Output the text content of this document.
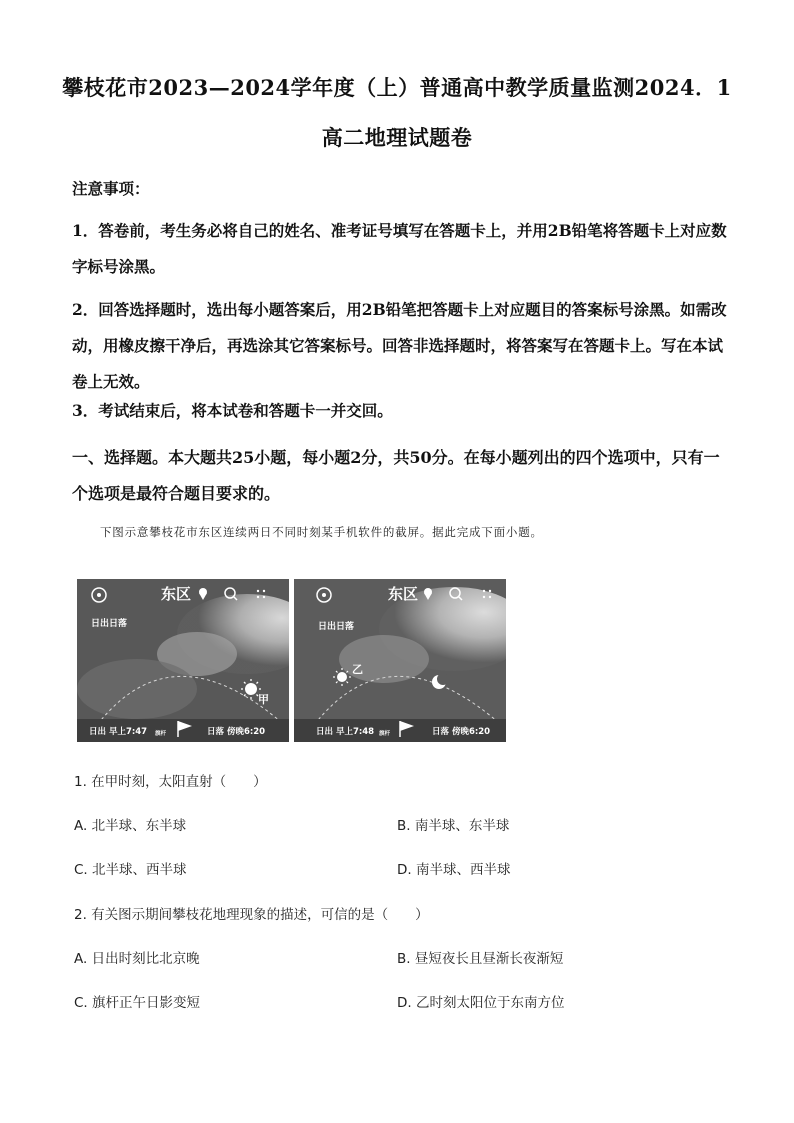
攀枝花市2023—2024学年度（上）普通高中教学质量监测2024．1
高二地理试题卷
注意事项：
1．答卷前，考生务必将自己的姓名、准考证号填写在答题卡上，并用2B铅笔将答题卡上对应数字标号涂黑。
2．回答选择题时，选出每小题答案后，用2B铅笔把答题卡上对应题目的答案标号涂黑。如需改动，用橡皮擦干净后，再选涂其它答案标号。回答非选择题时，将答案写在答题卡上。写在本试卷上无效。
3．考试结束后，将本试卷和答题卡一并交回。
一、选择题。本大题共25小题，每小题2分，共50分。在每小题列出的四个选项中，只有一个选项是最符合题目要求的。
下图示意攀枝花市东区连续两日不同时刻某手机软件的截屏。据此完成下面小题。
东区
日出日落
甲
日出 早上7:47 旗杆	日落 傍晚6:20
东区
日出日落
乙
日出 早上7:48 旗杆	日落 傍晚6:20
1. 在甲时刻，太阳直射（　　）
A. 北半球、东半球	B. 南半球、东半球
C. 北半球、西半球	D. 南半球、西半球
2. 有关图示期间攀枝花地理现象的描述，可信的是（　　）
A. 日出时刻比北京晚	B. 昼短夜长且昼渐长夜渐短
C. 旗杆正午日影变短	D. 乙时刻太阳位于东南方位
